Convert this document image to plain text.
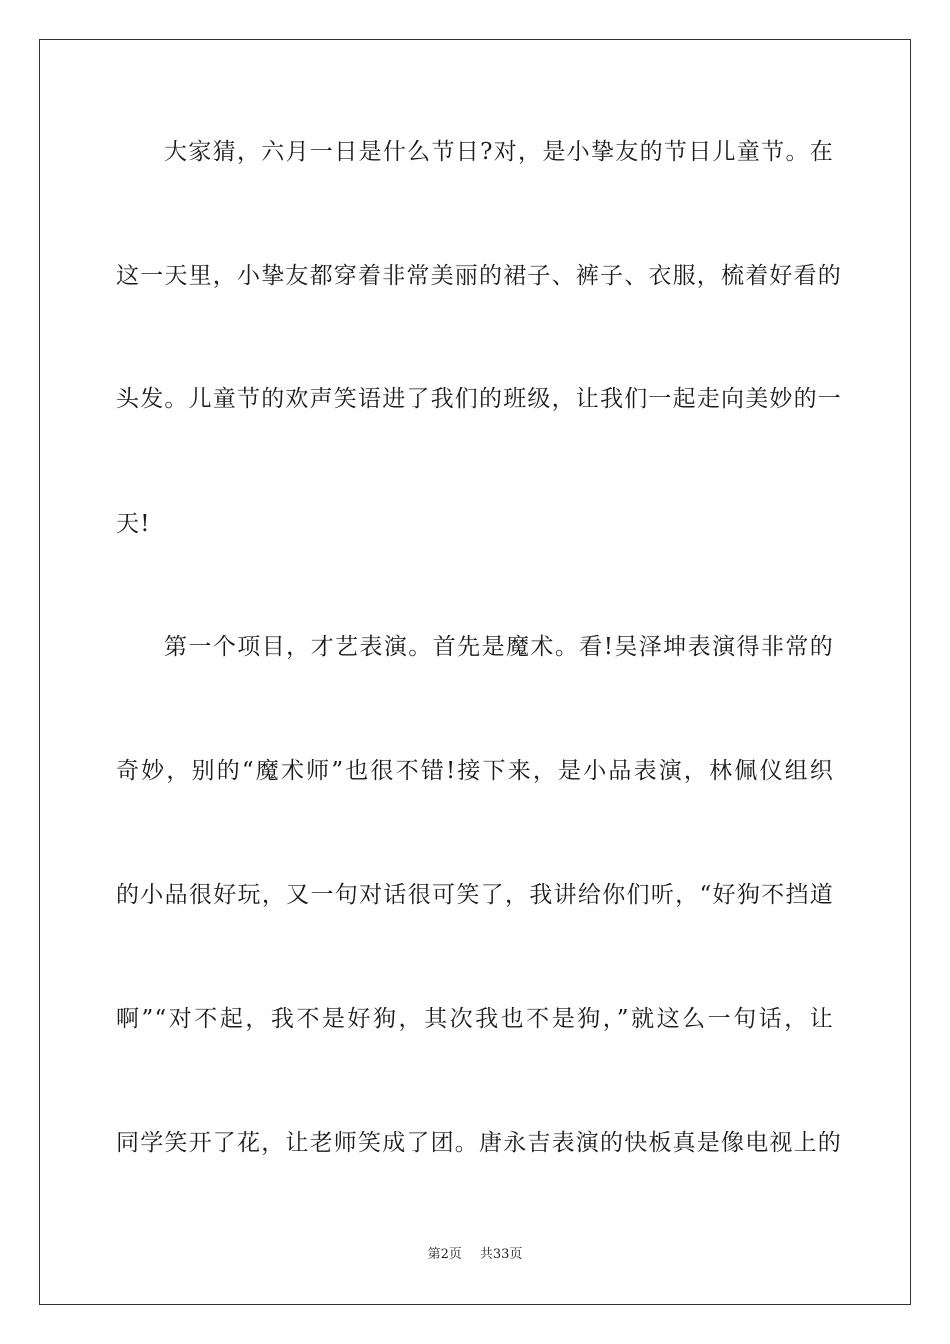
大家猜，六月一日是什么节日?对，是小挚友的节日儿童节。在
这一天里，小挚友都穿着非常美丽的裙子、裤子、衣服，梳着好看的
头发。儿童节的欢声笑语进了我们的班级，让我们一起走向美妙的一
天!
第一个项目，才艺表演。首先是魔术。看!吴泽坤表演得非常的
奇妙，别的“魔术师”也很不错!接下来，是小品表演，林佩仪组织
的小品很好玩，又一句对话很可笑了，我讲给你们听，“好狗不挡道
啊”“对不起，我不是好狗，其次我也不是狗，”就这么一句话，让
同学笑开了花，让老师笑成了团。唐永吉表演的快板真是像电视上的
第2页 共33页
